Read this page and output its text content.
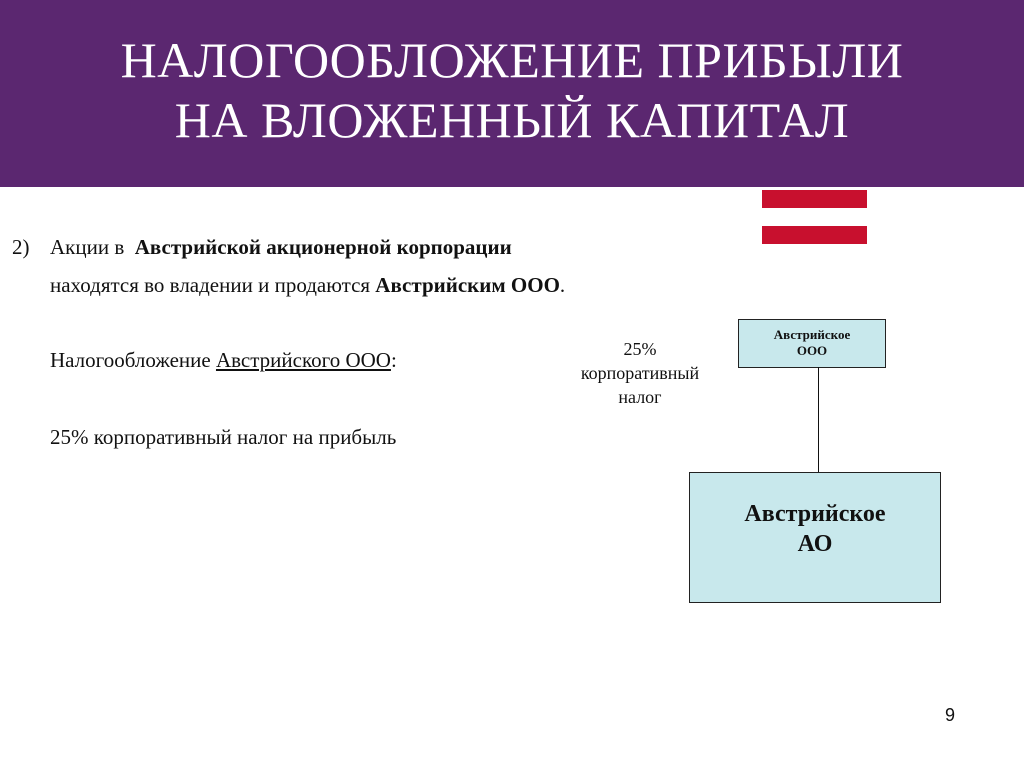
НАЛОГООБЛОЖЕНИЕ ПРИБЫЛИ
НА ВЛОЖЕННЫЙ КАПИТАЛ
2) Акции в Австрийской акционерной корпорации
находятся во владении и продаются Австрийским ООО.
Налогообложение Австрийского ООО:
25% корпоративный налог на прибыль
25%
корпоративный
налог
Австрийское
ООО
Австрийское
АО
9
